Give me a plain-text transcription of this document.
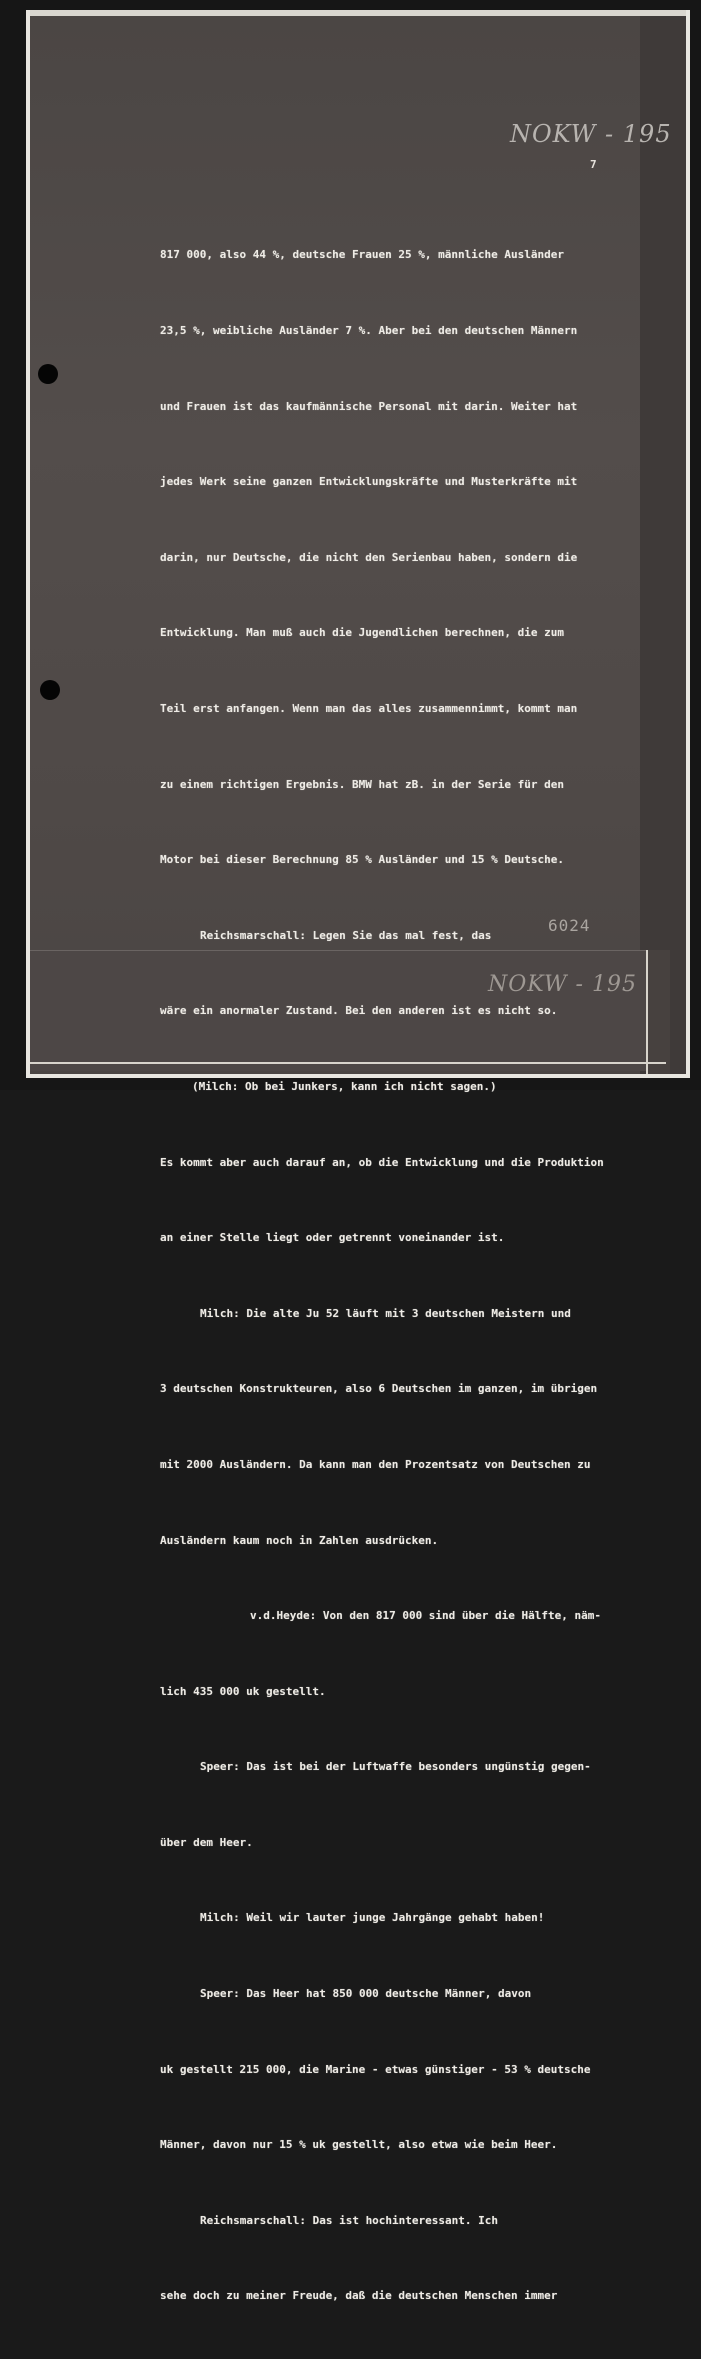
NOKW - 195
7

817 000, also 44 %, deutsche Frauen 25 %, männliche Ausländer

23,5 %, weibliche Ausländer 7 %. Aber bei den deutschen Männern

und Frauen ist das kaufmännische Personal mit darin. Weiter hat

jedes Werk seine ganzen Entwicklungskräfte und Musterkräfte mit

darin, nur Deutsche, die nicht den Serienbau haben, sondern die

Entwicklung. Man muß auch die Jugendlichen berechnen, die zum

Teil erst anfangen. Wenn man das alles zusammennimmt, kommt man

zu einem richtigen Ergebnis. BMW hat zB. in der Serie für den

Motor bei dieser Berechnung 85 % Ausländer und 15 % Deutsche.

Reichsmarschall: Legen Sie das mal fest, das

wäre ein anormaler Zustand. Bei den anderen ist es nicht so.

(Milch: Ob bei Junkers, kann ich nicht sagen.)

Es kommt aber auch darauf an, ob die Entwicklung und die Produktion

an einer Stelle liegt oder getrennt voneinander ist.

Milch: Die alte Ju 52 läuft mit 3 deutschen Meistern und

3 deutschen Konstrukteuren, also 6 Deutschen im ganzen, im übrigen

mit 2000 Ausländern. Da kann man den Prozentsatz von Deutschen zu

Ausländern kaum noch in Zahlen ausdrücken.

v.d.Heyde: Von den 817 000 sind über die Hälfte, näm-

lich 435 000 uk gestellt.

Speer: Das ist bei der Luftwaffe besonders ungünstig gegen-

über dem Heer.

Milch: Weil wir lauter junge Jahrgänge gehabt haben!

Speer: Das Heer hat 850 000 deutsche Männer, davon

uk gestellt 215 000, die Marine - etwas günstiger - 53 % deutsche

Männer, davon nur 15 % uk gestellt, also etwa wie beim Heer.

Reichsmarschall: Das ist hochinteressant. Ich

sehe doch zu meiner Freude, daß die deutschen Menschen immer

6024
NOKW - 195
